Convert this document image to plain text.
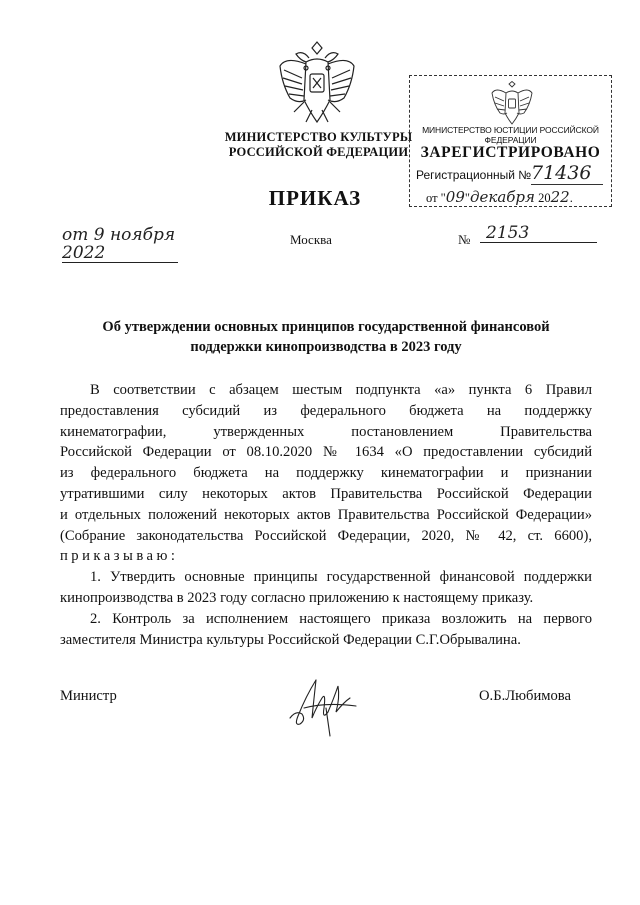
МИНИСТЕРСТВО КУЛЬТУРЫ
РОССИЙСКОЙ ФЕДЕРАЦИИ
ПРИКАЗ
МИНИСТЕРСТВО ЮСТИЦИИ РОССИЙСКОЙ ФЕДЕРАЦИИ
ЗАРЕГИСТРИРОВАНО
Регистрационный № 71436
от "09"декабря 2022.
от 9 ноября 2022
Москва	№ 2153
Об утверждении основных принципов государственной финансовой
поддержки кинопроизводства в 2023 году
В соответствии с абзацем шестым подпункта «а» пункта 6 Правил
предоставления субсидий из федерального бюджета на поддержку
кинематографии, утвержденных постановлением Правительства
Российской Федерации от 08.10.2020 № 1634 «О предоставлении субсидий
из федерального бюджета на поддержку кинематографии и признании
утратившими силу некоторых актов Правительства Российской Федерации
и отдельных положений некоторых актов Правительства Российской Федерации»
(Собрание законодательства Российской Федерации, 2020, № 42, ст. 6600),
приказываю:
1. Утвердить основные принципы государственной финансовой поддержки
кинопроизводства в 2023 году согласно приложению к настоящему приказу.
2. Контроль за исполнением настоящего приказа возложить на первого
заместителя Министра культуры Российской Федерации С.Г.Обрывалина.
Министр	О.Б.Любимова
